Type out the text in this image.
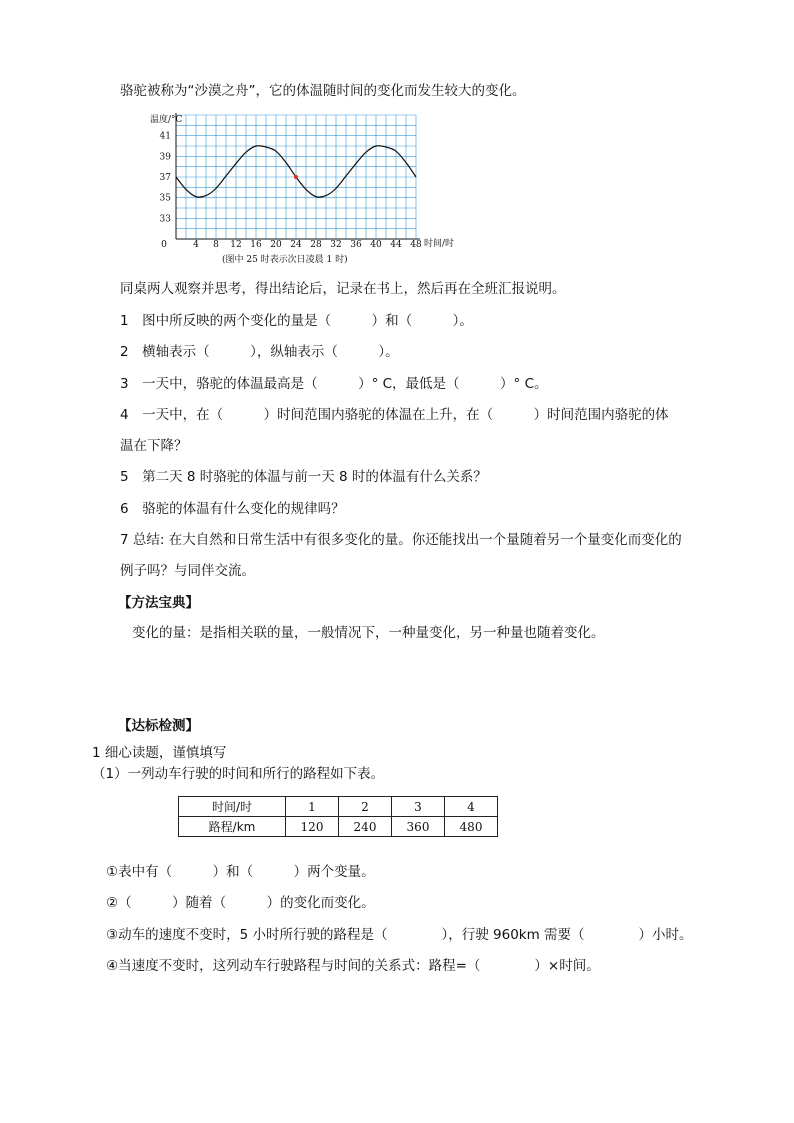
骆驼被称为“沙漠之舟”，它的体温随时间的变化而发生较大的变化。
0	4 8 12 16 20 24 28 32 36 40 44 48
33
35
37
39
41
温度/°C
时间/时
(图中 25 时表示次日凌晨 1 时)
同桌两人观察并思考，得出结论后，记录在书上，然后再在全班汇报说明。
1　图中所反映的两个变化的量是（　　　）和（　　　）。
2　横轴表示（　　　），纵轴表示（　　　）。
3　一天中，骆驼的体温最高是（　　　）° C，最低是（　　　）° C。
4　一天中，在（　　　）时间范围内骆驼的体温在上升，在（　　　）时间范围内骆驼的体
温在下降？
5　第二天 8 时骆驼的体温与前一天 8 时的体温有什么关系？
6　骆驼的体温有什么变化的规律吗？
7 总结: 在大自然和日常生活中有很多变化的量。你还能找出一个量随着另一个量变化而变化的
例子吗？与同伴交流。
【方法宝典】
变化的量：是指相关联的量，一般情况下，一种量变化，另一种量也随着变化。
【达标检测】
1 细心读题，谨慎填写
（1）一列动车行驶的时间和所行的路程如下表。
时间/时	1	2	3	4
路程/km	120	240	360	480
①表中有（　　　）和（　　　）两个变量。
②（　　　）随着（　　　）的变化而变化。
③动车的速度不变时，5 小时所行驶的路程是（　　　　），行驶 960km 需要（　　　　）小时。
④当速度不变时，这列动车行驶路程与时间的关系式：路程=（　　　　）×时间。
